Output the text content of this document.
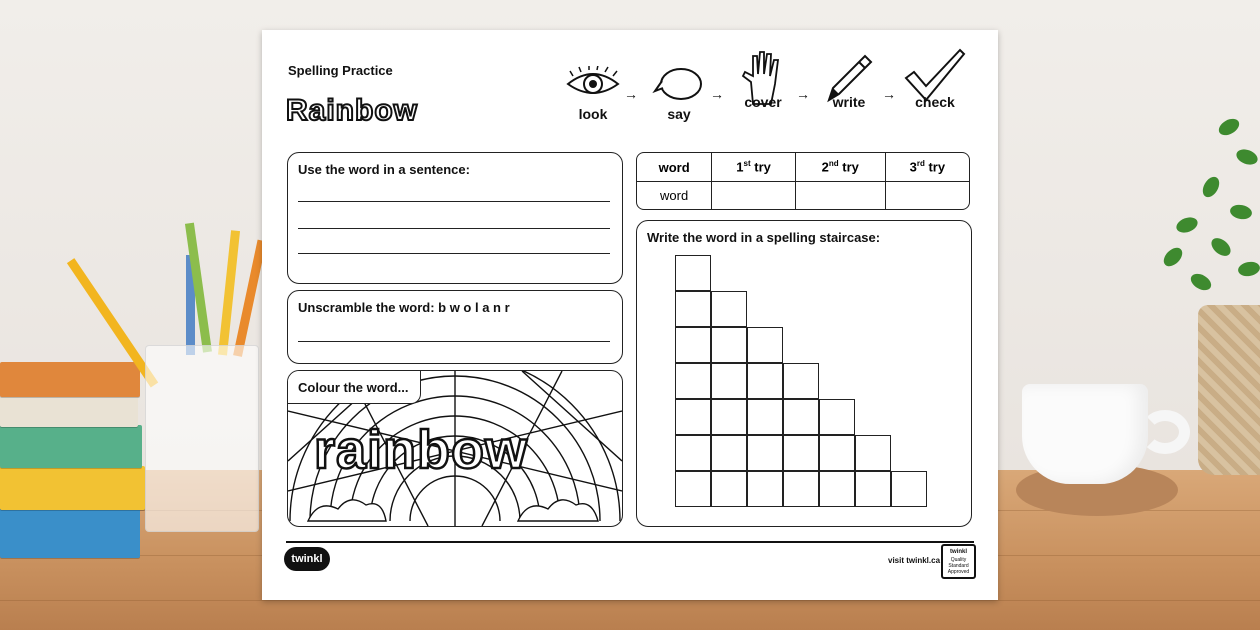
Spelling Practice
Rainbow	look
→
say
→	cover	→	write	→	check
Use the word in a sentence:
Unscramble the word: b w o l a n r
Colour the word...
rainbow
word	1st try	2nd try	3rd try
word			
Write the word in a spelling staircase:
twinkl	visit twinkl.ca
twinkl
Quality Standard Approved
